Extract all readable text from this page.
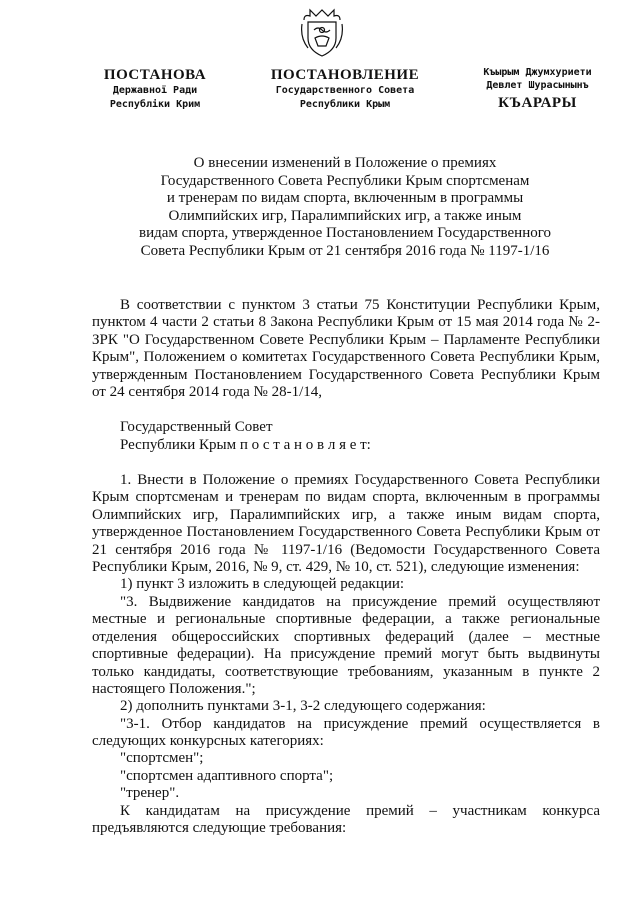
ПОСТАНОВА
Державної Ради
Республіки Крим
ПОСТАНОВЛЕНИЕ
Государственного Совета
Республики Крым
Къырым Джумхуриети
Девлет Шурасынынъ
КЪАРАРЫ
О внесении изменений в Положение о премиях
Государственного Совета Республики Крым спортсменам
и тренерам по видам спорта, включенным в программы
Олимпийских игр, Паралимпийских игр, а также иным
видам спорта, утвержденное Постановлением Государственного
Совета Республики Крым от 21 сентября 2016 года № 1197-1/16
В соответствии с пунктом 3 статьи 75 Конституции Республики Крым, пунктом 4 части 2 статьи 8 Закона Республики Крым от 15 мая 2014 года № 2-ЗРК "О Государственном Совете Республики Крым – Парламенте Республики Крым", Положением о комитетах Государственного Совета Республики Крым, утвержденным Постановлением Государственного Совета Республики Крым от 24 сентября 2014 года № 28-1/14,
Государственный Совет
Республики Крым п о с т а н о в л я е т:
1. Внести в Положение о премиях Государственного Совета Республики Крым спортсменам и тренерам по видам спорта, включенным в программы Олимпийских игр, Паралимпийских игр, а также иным видам спорта, утвержденное Постановлением Государственного Совета Республики Крым от 21 сентября 2016 года № 1197-1/16 (Ведомости Государственного Совета Республики Крым, 2016, № 9, ст. 429, № 10, ст. 521), следующие изменения:
1) пункт 3 изложить в следующей редакции:
"3. Выдвижение кандидатов на присуждение премий осуществляют местные и региональные спортивные федерации, а также региональные отделения общероссийских спортивных федераций (далее – местные спортивные федерации). На присуждение премий могут быть выдвинуты только кандидаты, соответствующие требованиям, указанным в пункте 2 настоящего Положения.";
2) дополнить пунктами 3-1, 3-2 следующего содержания:
"3-1. Отбор кандидатов на присуждение премий осуществляется в следующих конкурсных категориях:
"спортсмен";
"спортсмен адаптивного спорта";
"тренер".
К кандидатам на присуждение премий – участникам конкурса предъявляются следующие требования:
